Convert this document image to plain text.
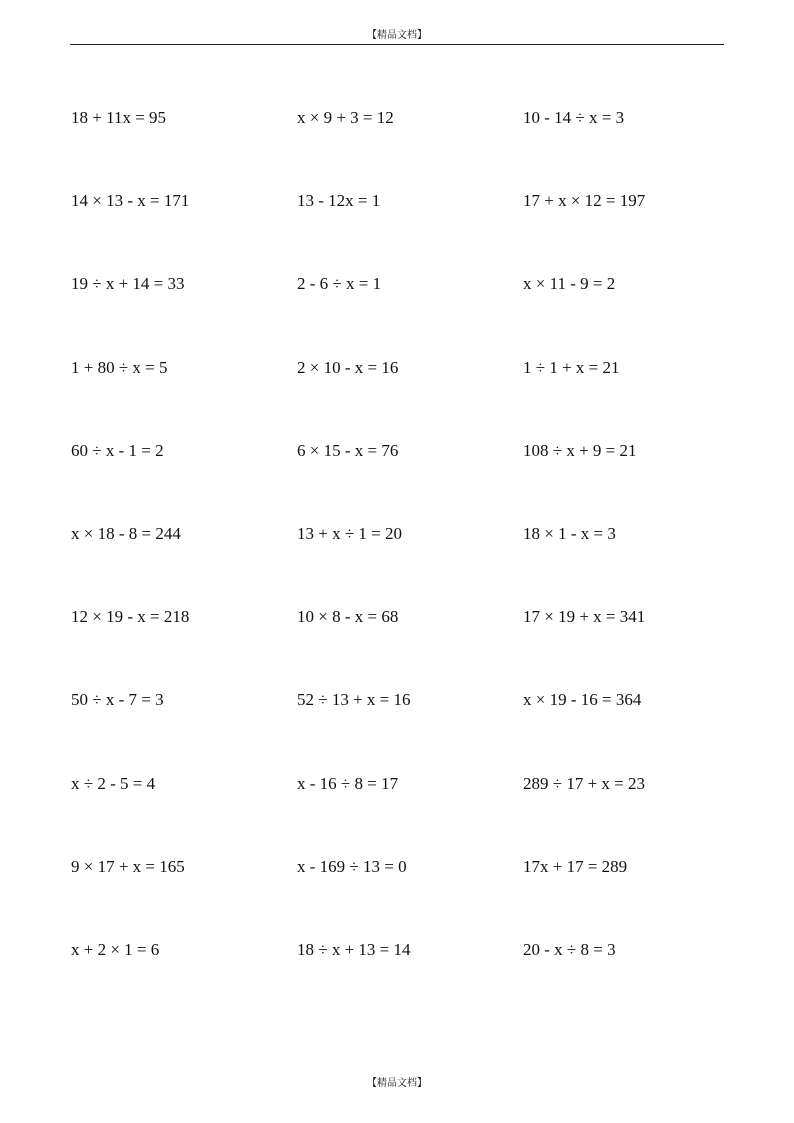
【精品文档】
18 + 11x = 95	x × 9 + 3 = 12	10 - 14 ÷ x = 3
14 × 13 - x = 171	13 - 12x = 1	17 + x × 12 = 197
19 ÷ x + 14 = 33	2 - 6 ÷ x = 1	x × 11 - 9 = 2
1 + 80 ÷ x = 5	2 × 10 - x = 16	1 ÷ 1 + x = 21
60 ÷ x - 1 = 2	6 × 15 - x = 76	108 ÷ x + 9 = 21
x × 18 - 8 = 244	13 + x ÷ 1 = 20	18 × 1 - x = 3
12 × 19 - x = 218	10 × 8 - x = 68	17 × 19 + x = 341
50 ÷ x - 7 = 3	52 ÷ 13 + x = 16	x × 19 - 16 = 364
x ÷ 2 - 5 = 4	x - 16 ÷ 8 = 17	289 ÷ 17 + x = 23
9 × 17 + x = 165	x - 169 ÷ 13 = 0	17x + 17 = 289
x + 2 × 1 = 6	18 ÷ x + 13 = 14	20 - x ÷ 8 = 3
【精品文档】
